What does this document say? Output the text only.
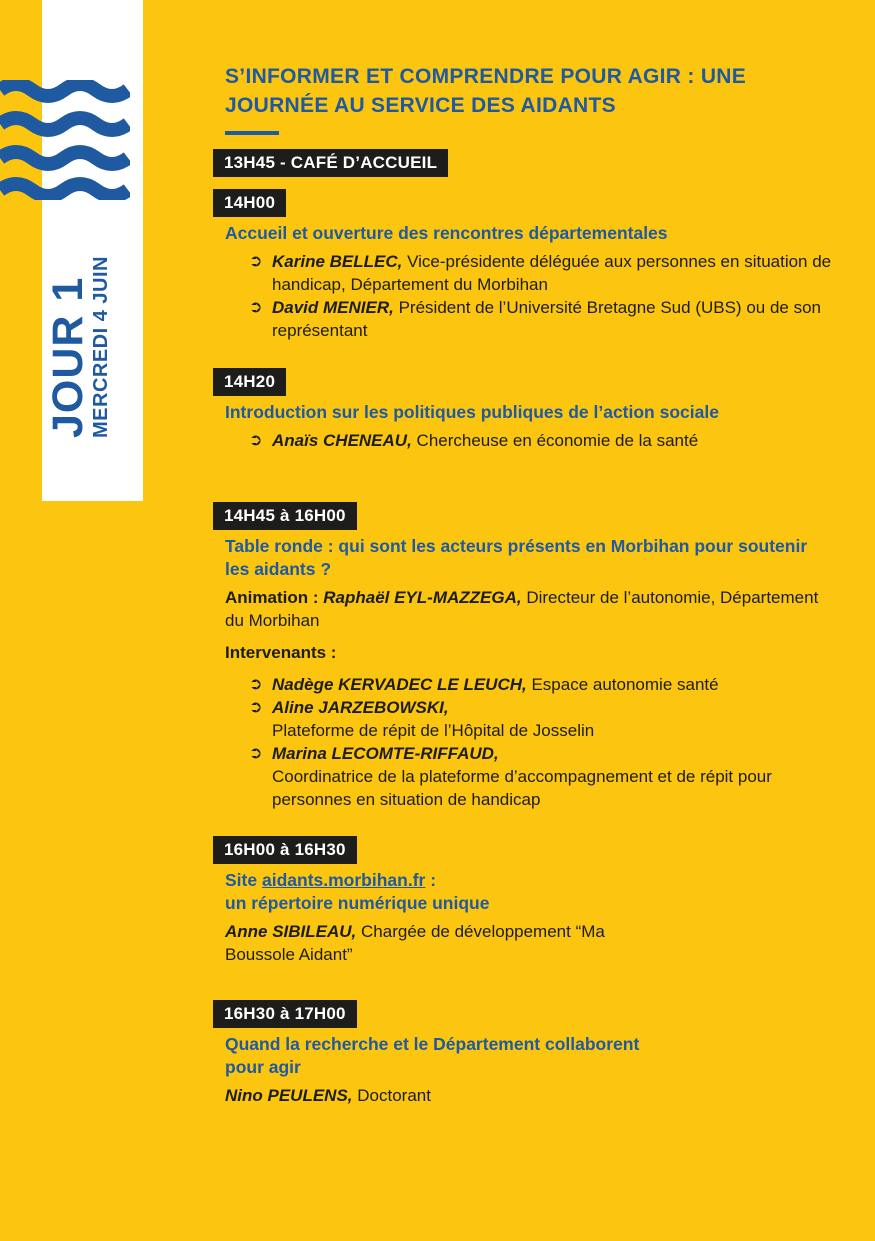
JOUR 1
MERCREDI 4 JUIN
S’INFORMER ET COMPRENDRE POUR AGIR : UNE JOURNÉE AU SERVICE DES AIDANTS
13H45 - CAFÉ D’ACCUEIL
14H00
Accueil et ouverture des rencontres départementales
➲ Karine BELLEC, Vice-présidente déléguée aux personnes en situation de handicap, Département du Morbihan
➲ David MENIER, Président de l’Université Bretagne Sud (UBS) ou de son représentant
14H20
Introduction sur les politiques publiques de l’action sociale
➲ Anaïs CHENEAU, Chercheuse en économie de la santé
14H45 à 16H00
Table ronde : qui sont les acteurs présents en Morbihan pour soutenir les aidants ?

Animation : Raphaël EYL-MAZZEGA, Directeur de l’autonomie, Département du Morbihan

Intervenants :

➲ Nadège KERVADEC LE LEUCH, Espace autonomie santé
➲ Aline JARZEBOWSKI,
Plateforme de répit de l’Hôpital de Josselin
➲ Marina LECOMTE-RIFFAUD,
Coordinatrice de la plateforme d’accompagnement et de répit pour personnes en situation de handicap
16H00 à 16H30
Site aidants.morbihan.fr :
un répertoire numérique unique

Anne SIBILEAU, Chargée de développement “Ma Boussole Aidant”

16H30 à 17H00
Quand la recherche et le Département collaborent pour agir

Nino PEULENS, Doctorant
